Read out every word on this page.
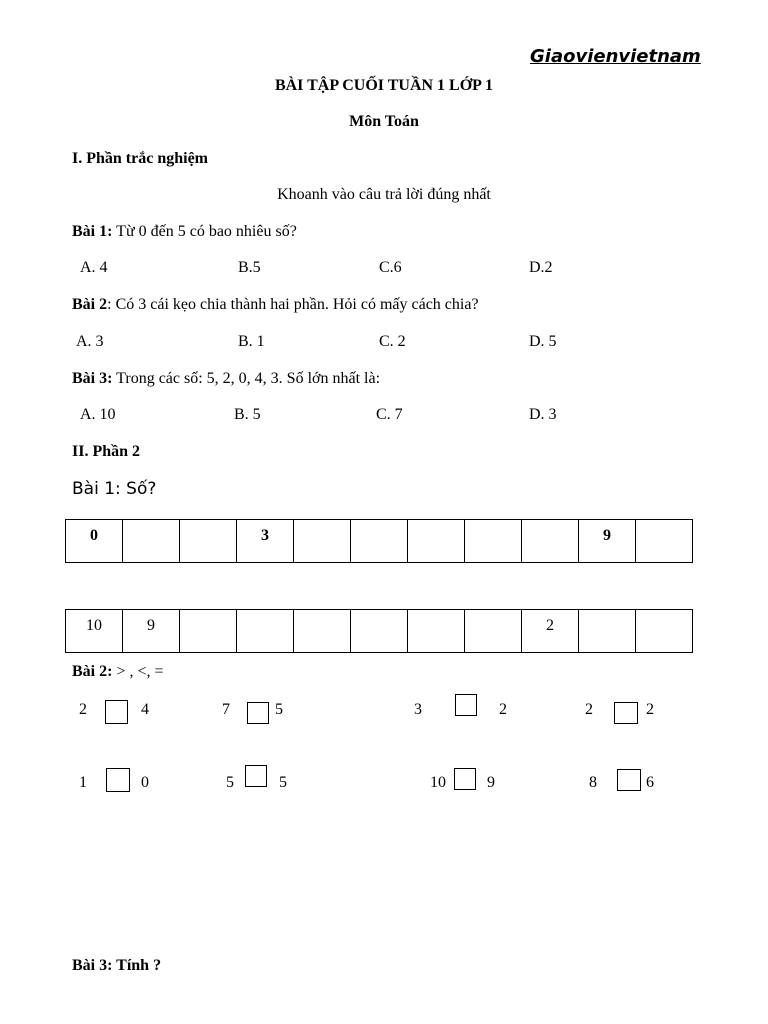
Giaovienvietnam
BÀI TẬP CUỐI TUẦN 1 LỚP 1
Môn Toán
I. Phần trắc nghiệm
Khoanh vào câu trả lời đúng nhất
Bài 1: Từ 0 đến 5 có bao nhiêu số?
A. 4	B.5	C.6	D.2
Bài 2: Có 3 cái kẹo chia thành hai phần. Hỏi có mấy cách chia?
A. 3	B. 1	C. 2	D. 5
Bài 3: Trong các số: 5, 2, 0, 4, 3. Số lớn nhất là:
A. 10	B. 5	C. 7	D. 3
II. Phần 2
Bài 1: Số?
0			3						9	
10	9							2		
Bài 2: > , <, =
2	4	7	5	3	2	2	2
1	0	5	5	10	9	8	6
Bài 3: Tính ?
